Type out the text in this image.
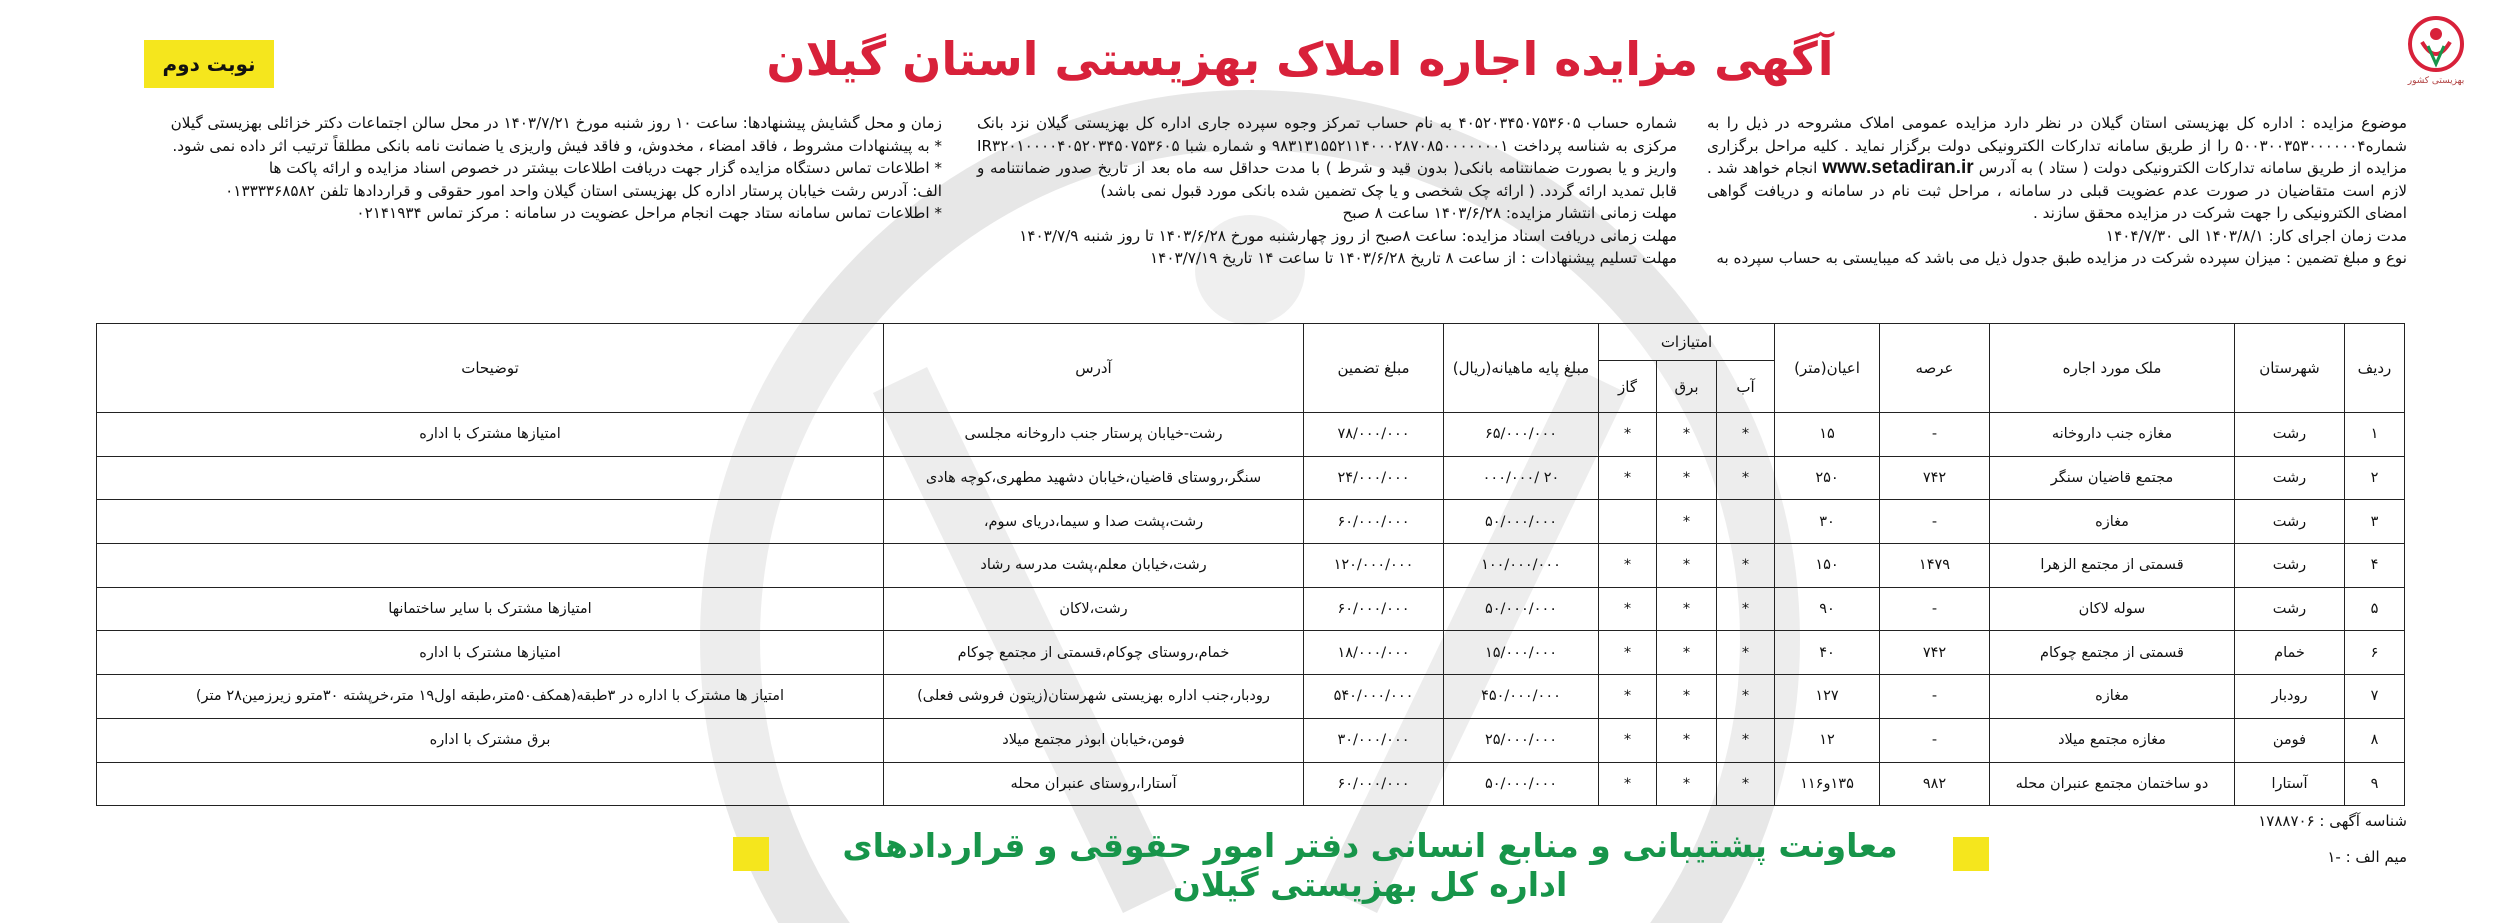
بهزیستی کشور
آگهی مزایده اجاره املاک بهزیستی استان گیلان
نوبت دوم

موضوع مزایده : اداره کل بهزیستی استان گیلان در نظر دارد مزایده عمومی املاک مشروحه در ذیل را به شماره۵۰۰۳۰۰۳۵۳۰۰۰۰۰۰۴ را از طریق سامانه تدارکات الکترونیکی دولت برگزار نماید . کلیه مراحل برگزاری مزایده از طریق سامانه تدارکات الکترونیکی دولت ( ستاد ) به آدرس www.setadiran.ir انجام خواهد شد . لازم است متقاضیان در صورت عدم عضویت قبلی در سامانه ، مراحل ثبت نام در سامانه و دریافت گواهی امضای الکترونیکی را جهت شرکت در مزایده محقق سازند .

مدت زمان اجرای کار: ۱۴۰۳/۸/۱ الی ۱۴۰۴/۷/۳۰

نوع و مبلغ تضمین : میزان سپرده شرکت در مزایده طبق جدول ذیل می باشد که میبایستی به حساب سپرده به

شماره حساب ۴۰۵۲۰۳۴۵۰۷۵۳۶۰۵ به نام حساب تمرکز وجوه سپرده جاری اداره کل بهزیستی گیلان نزد بانک مرکزی به شناسه پرداخت ۹۸۳۱۳۱۵۵۲۱۱۴۰۰۰۲۸۷۰۸۵۰۰۰۰۰۰۰۱ و شماره شبا IR۳۲۰۱۰۰۰۰۴۰۵۲۰۳۴۵۰۷۵۳۶۰۵ واریز و یا بصورت ضمانتنامه بانکی( بدون قید و شرط ) با مدت حداقل سه ماه بعد از تاریخ صدور ضمانتنامه و قابل تمدید ارائه گردد. ( ارائه چک شخصی و یا چک تضمین شده بانکی مورد قبول نمی باشد)

مهلت زمانی انتشار مزایده: ۱۴۰۳/۶/۲۸ ساعت ۸ صبح

مهلت زمانی دریافت اسناد مزایده: ساعت ۸صبح از روز چهارشنبه مورخ ۱۴۰۳/۶/۲۸ تا روز شنبه ۱۴۰۳/۷/۹

مهلت تسلیم پیشنهادات : از ساعت ۸ تاریخ ۱۴۰۳/۶/۲۸ تا ساعت ۱۴ تاریخ ۱۴۰۳/۷/۱۹

زمان و محل گشایش پیشنهادها: ساعت ۱۰ روز شنبه مورخ ۱۴۰۳/۷/۲۱ در محل سالن اجتماعات دکتر خزائلی بهزیستی گیلان

* به پیشنهادات مشروط ، فاقد امضاء ، مخدوش، و فاقد فیش واریزی یا ضمانت نامه بانکی مطلقاً ترتیب اثر داده نمی شود.

* اطلاعات تماس دستگاه مزایده گزار جهت دریافت اطلاعات بیشتر در خصوص اسناد مزایده و ارائه پاکت ها

الف: آدرس رشت خیابان پرستار اداره کل بهزیستی استان گیلان واحد امور حقوقی و قراردادها تلفن ۰۱۳۳۳۳۶۸۵۸۲

* اطلاعات تماس سامانه ستاد جهت انجام مراحل عضویت در سامانه : مرکز تماس ۰۲۱۴۱۹۳۴

ردیف	شهرستان	ملک مورد اجاره	عرصه	اعیان(متر)	امتیازات			مبلغ پایه ماهیانه(ریال)	مبلغ تضمین	آدرس	توضیحات
					آب	برق	گاز				
۱	رشت	مغازه جنب داروخانه	-	۱۵	*	*	*	۶۵/۰۰۰/۰۰۰	۷۸/۰۰۰/۰۰۰	رشت-خیابان پرستار جنب داروخانه مجلسی	امتیازها مشترک با اداره
۲	رشت	مجتمع قاضیان سنگر	۷۴۲	۲۵۰	*	*	*	۲۰ /۰۰۰/۰۰۰	۲۴/۰۰۰/۰۰۰	سنگر،روستای قاضیان،خیابان دشهید مطهری،کوچه هادی	
۳	رشت	مغازه	-	۳۰		*		۵۰/۰۰۰/۰۰۰	۶۰/۰۰۰/۰۰۰	رشت،پشت صدا و سیما،دریای سوم،	
۴	رشت	قسمتی از مجتمع الزهرا	۱۴۷۹	۱۵۰	*	*	*	۱۰۰/۰۰۰/۰۰۰	۱۲۰/۰۰۰/۰۰۰	رشت،خیابان معلم،پشت مدرسه رشاد	
۵	رشت	سوله لاکان	-	۹۰	*	*	*	۵۰/۰۰۰/۰۰۰	۶۰/۰۰۰/۰۰۰	رشت،لاکان	امتیازها مشترک با سایر ساختمانها
۶	خمام	قسمتی از مجتمع چوکام	۷۴۲	۴۰	*	*	*	۱۵/۰۰۰/۰۰۰	۱۸/۰۰۰/۰۰۰	خمام،روستای چوکام،قسمتی از مجتمع چوکام	امتیازها مشترک با اداره
۷	رودبار	مغازه	-	۱۲۷	*	*	*	۴۵۰/۰۰۰/۰۰۰	۵۴۰/۰۰۰/۰۰۰	رودبار،جنب اداره بهزیستی شهرستان(زیتون فروشی فعلی)	امتیاز ها مشترک با اداره در ۳طبقه(همکف۵۰متر،طبقه اول۱۹ متر،خرپشته ۳۰مترو زیرزمین۲۸ متر)
۸	فومن	مغازه مجتمع میلاد	-	۱۲	*	*	*	۲۵/۰۰۰/۰۰۰	۳۰/۰۰۰/۰۰۰	فومن،خیابان ابوذر مجتمع میلاد	برق مشترک با اداره
۹	آستارا	دو ساختمان مجتمع عنبران محله	۹۸۲	۱۳۵و۱۱۶	*	*	*	۵۰/۰۰۰/۰۰۰	۶۰/۰۰۰/۰۰۰	آستارا،روستای عنبران محله	
شناسه آگهی : ۱۷۸۸۷۰۶
میم الف : -۱
معاونت پشتیبانی و منابع انسانی دفتر امور حقوقی و قراردادهای اداره کل بهزیستی گیلان
